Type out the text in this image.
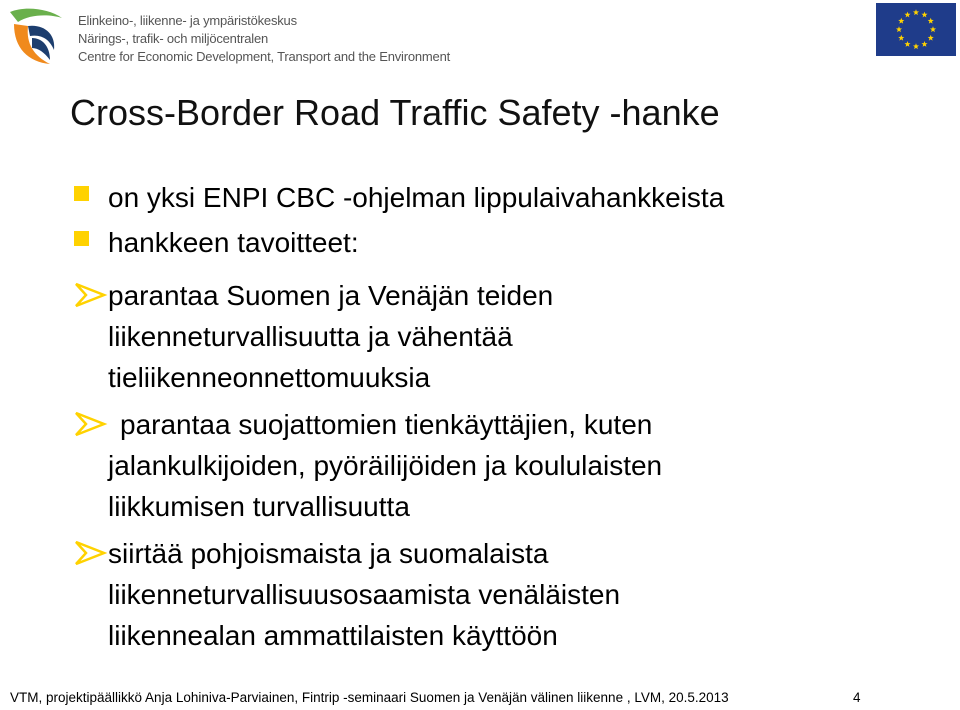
Elinkeino-, liikenne- ja ympäristökeskus
Närings-, trafik- och miljöcentralen
Centre for Economic Development, Transport and the Environment
Cross-Border Road Traffic Safety -hanke
on yksi ENPI CBC -ohjelman lippulaivahankkeista
hankkeen tavoitteet:
parantaa Suomen ja Venäjän teiden
liikenneturvallisuutta ja vähentää
tieliikenneonnettomuuksia
parantaa suojattomien tienkäyttäjien, kuten
jalankulkijoiden, pyöräilijöiden ja koululaisten
liikkumisen turvallisuutta
siirtää pohjoismaista ja suomalaista
liikenneturvallisuusosaamista venäläisten
liikennealan ammattilaisten käyttöön
VTM, projektipäällikkö Anja Lohiniva-Parviainen, Fintrip -seminaari Suomen ja Venäjän välinen liikenne , LVM, 20.5.2013	4
